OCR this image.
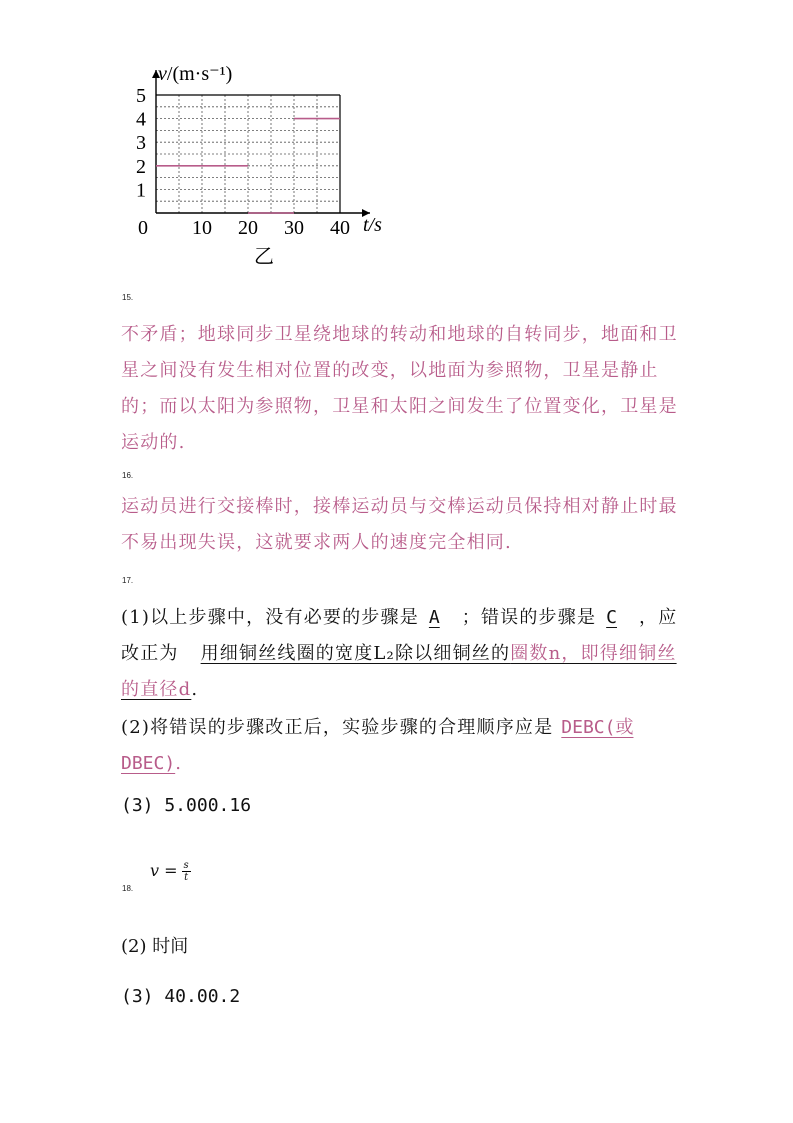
0 10 20 30 40
1
2
3
4
5
v/(m·s⁻¹)
t/s
乙
15.
不矛盾；地球同步卫星绕地球的转动和地球的自转同步，地面和卫星之间没有发生相对位置的改变，以地面为参照物，卫星是静止的；而以太阳为参照物，卫星和太阳之间发生了位置变化，卫星是运动的.
16.
运动员进行交接棒时，接棒运动员与交棒运动员保持相对静止时最不易出现失误，这就要求两人的速度完全相同.
17.
(1)以上步骤中，没有必要的步骤是 A ；错误的步骤是 C ，应改正为 用细铜丝线圈的宽度L₂除以细铜丝的圈数n，即得细铜丝的直径d.
(2)将错误的步骤改正后，实验步骤的合理顺序应是 DEBC(或DBEC).
(3) 5.000.16
$v = \frac{s}{t}$
18.
(2) 时间
(3) 40.00.2
